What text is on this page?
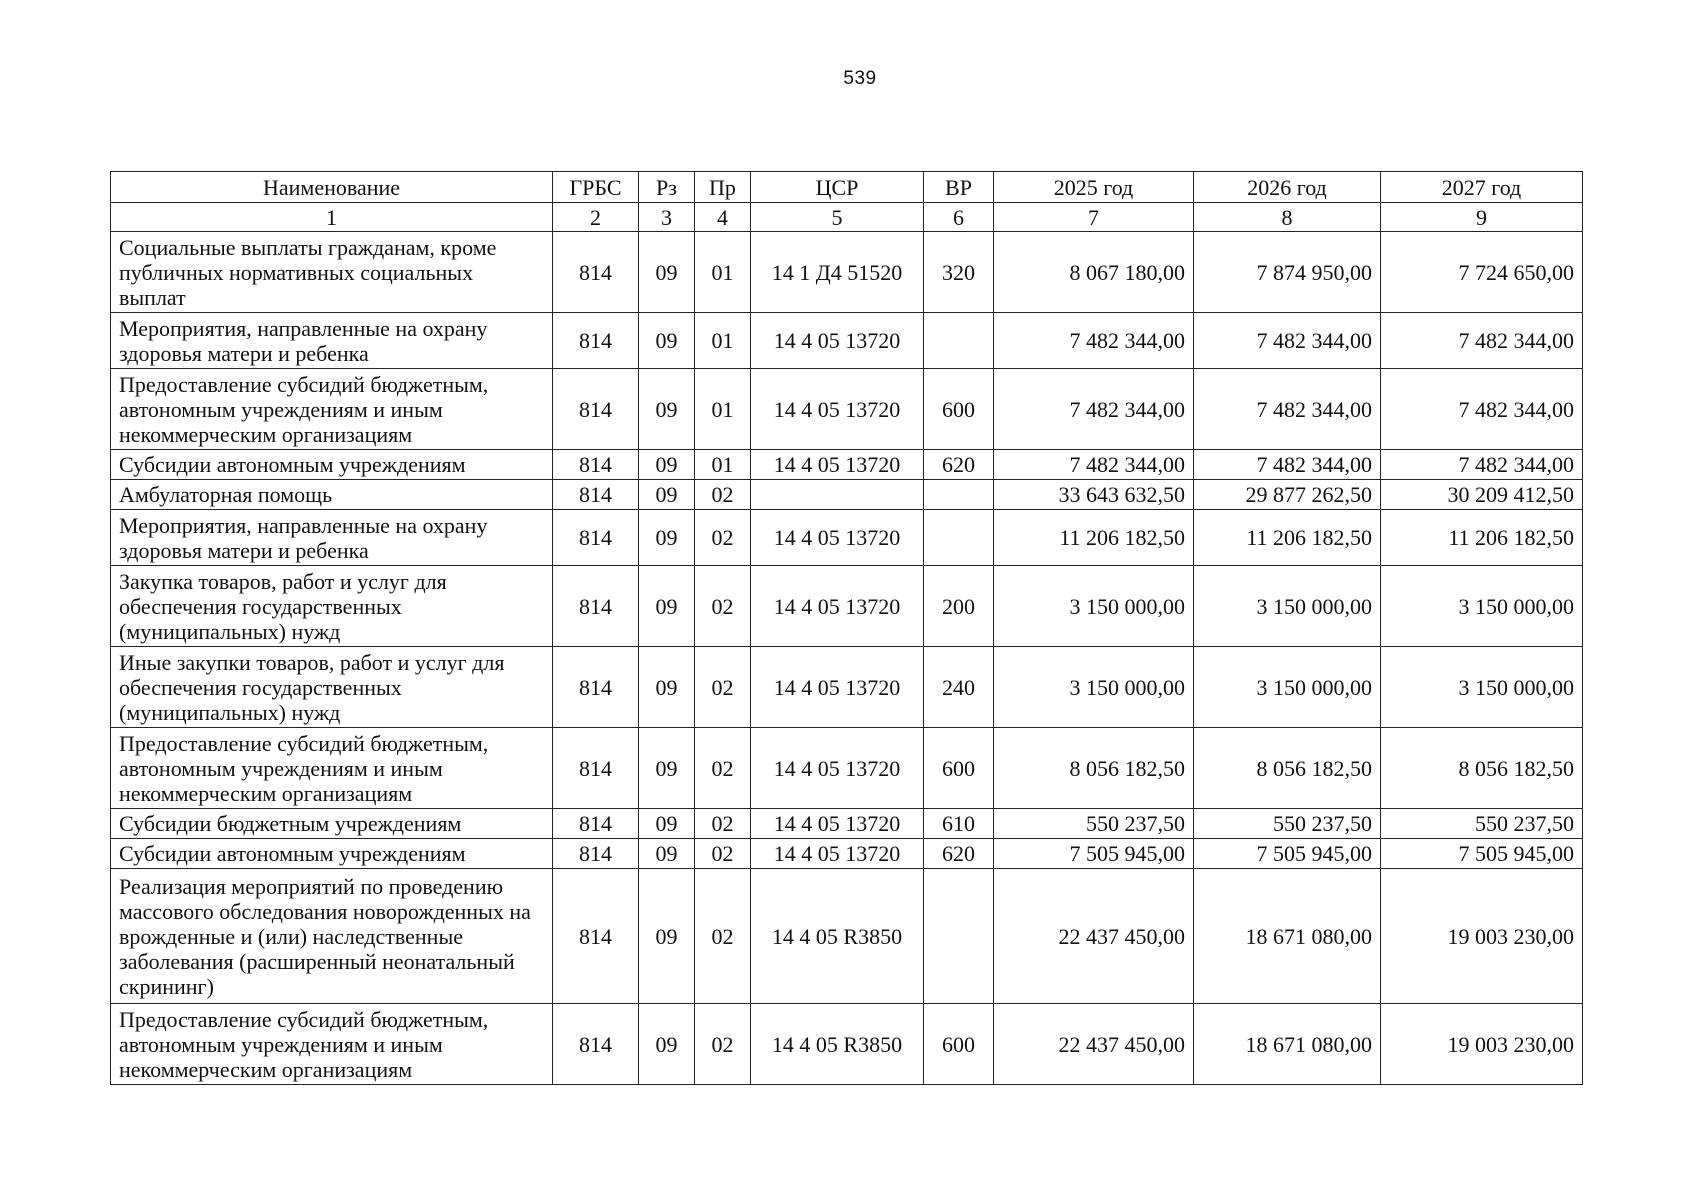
539
Наименование	ГРБС	Рз	Пр	ЦСР	ВР	2025 год	2026 год	2027 год
1	2	3	4	5	6	7	8	9
Социальные выплаты гражданам, кроме публичных нормативных социальных выплат	814	09	01	14 1 Д4 51520	320	8 067 180,00	7 874 950,00	7 724 650,00
Мероприятия, направленные на охрану здоровья матери и ребенка	814	09	01	14 4 05 13720		7 482 344,00	7 482 344,00	7 482 344,00
Предоставление субсидий бюджетным, автономным учреждениям и иным некоммерческим организациям	814	09	01	14 4 05 13720	600	7 482 344,00	7 482 344,00	7 482 344,00
Субсидии автономным учреждениям	814	09	01	14 4 05 13720	620	7 482 344,00	7 482 344,00	7 482 344,00
Амбулаторная помощь	814	09	02			33 643 632,50	29 877 262,50	30 209 412,50
Мероприятия, направленные на охрану здоровья матери и ребенка	814	09	02	14 4 05 13720		11 206 182,50	11 206 182,50	11 206 182,50
Закупка товаров, работ и услуг для обеспечения государственных (муниципальных) нужд	814	09	02	14 4 05 13720	200	3 150 000,00	3 150 000,00	3 150 000,00
Иные закупки товаров, работ и услуг для обеспечения государственных (муниципальных) нужд	814	09	02	14 4 05 13720	240	3 150 000,00	3 150 000,00	3 150 000,00
Предоставление субсидий бюджетным, автономным учреждениям и иным некоммерческим организациям	814	09	02	14 4 05 13720	600	8 056 182,50	8 056 182,50	8 056 182,50
Субсидии бюджетным учреждениям	814	09	02	14 4 05 13720	610	550 237,50	550 237,50	550 237,50
Субсидии автономным учреждениям	814	09	02	14 4 05 13720	620	7 505 945,00	7 505 945,00	7 505 945,00
Реализация мероприятий по проведению массового обследования новорожденных на врожденные и (или) наследственные заболевания (расширенный неонатальный скрининг)	814	09	02	14 4 05 R3850		22 437 450,00	18 671 080,00	19 003 230,00
Предоставление субсидий бюджетным, автономным учреждениям и иным некоммерческим организациям	814	09	02	14 4 05 R3850	600	22 437 450,00	18 671 080,00	19 003 230,00
